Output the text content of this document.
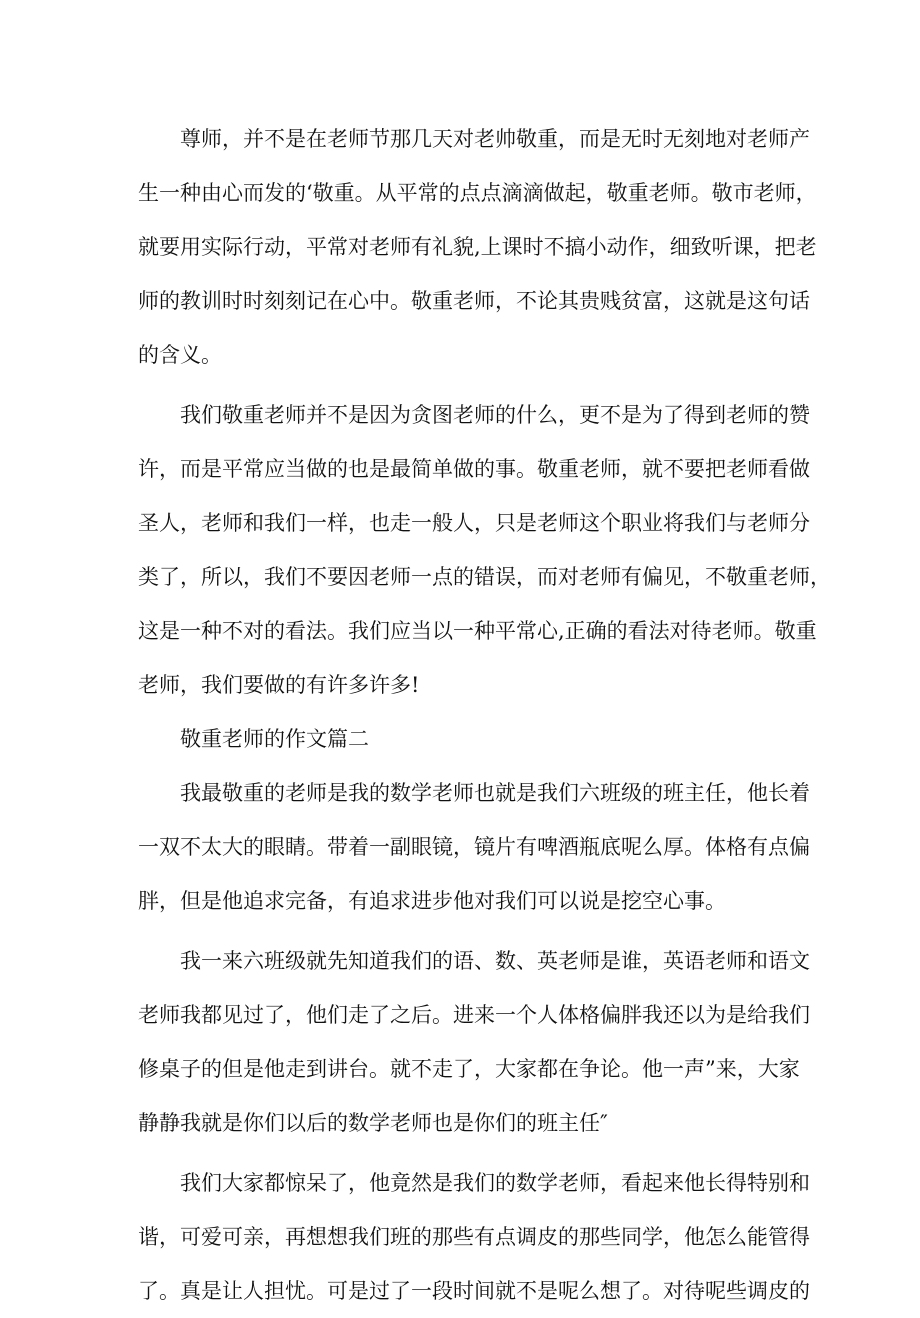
尊师，并不是在老师节那几天对老帅敬重，而是无时无刻地对老师产
生一种由心而发的‘敬重。从平常的点点滴滴做起，敬重老师。敬市老师，
就要用实际行动，平常对老师有礼貌,上课时不搞小动作，细致听课，把老
师的教训时时刻刻记在心中。敬重老师，不论其贵贱贫富，这就是这句话
的含义。
我们敬重老师并不是因为贪图老师的什么，更不是为了得到老师的赞
许，而是平常应当做的也是最简单做的事。敬重老师，就不要把老师看做
圣人，老师和我们一样，也走一般人，只是老师这个职业将我们与老师分
类了，所以，我们不要因老师一点的错误，而对老师有偏见，不敬重老师，
这是一种不对的看法。我们应当以一种平常心,正确的看法对待老师。敬重
老师，我们要做的有许多许多!
敬重老师的作文篇二
我最敬重的老师是我的数学老师也就是我们六班级的班主任，他长着
一双不太大的眼睛。带着一副眼镜，镜片有啤酒瓶底呢么厚。体格有点偏
胖，但是他追求完备，有追求进步他对我们可以说是挖空心事。
我一来六班级就先知道我们的语、数、英老师是谁，英语老师和语文
老师我都见过了，他们走了之后。进来一个人体格偏胖我还以为是给我们
修桌子的但是他走到讲台。就不走了，大家都在争论。他一声”来，大家
静静我就是你们以后的数学老师也是你们的班主任″
我们大家都惊呆了，他竟然是我们的数学老师，看起来他长得特别和
谐，可爱可亲，再想想我们班的那些有点调皮的那些同学，他怎么能管得
了。真是让人担忧。可是过了一段时间就不是呢么想了。对待呢些调皮的
